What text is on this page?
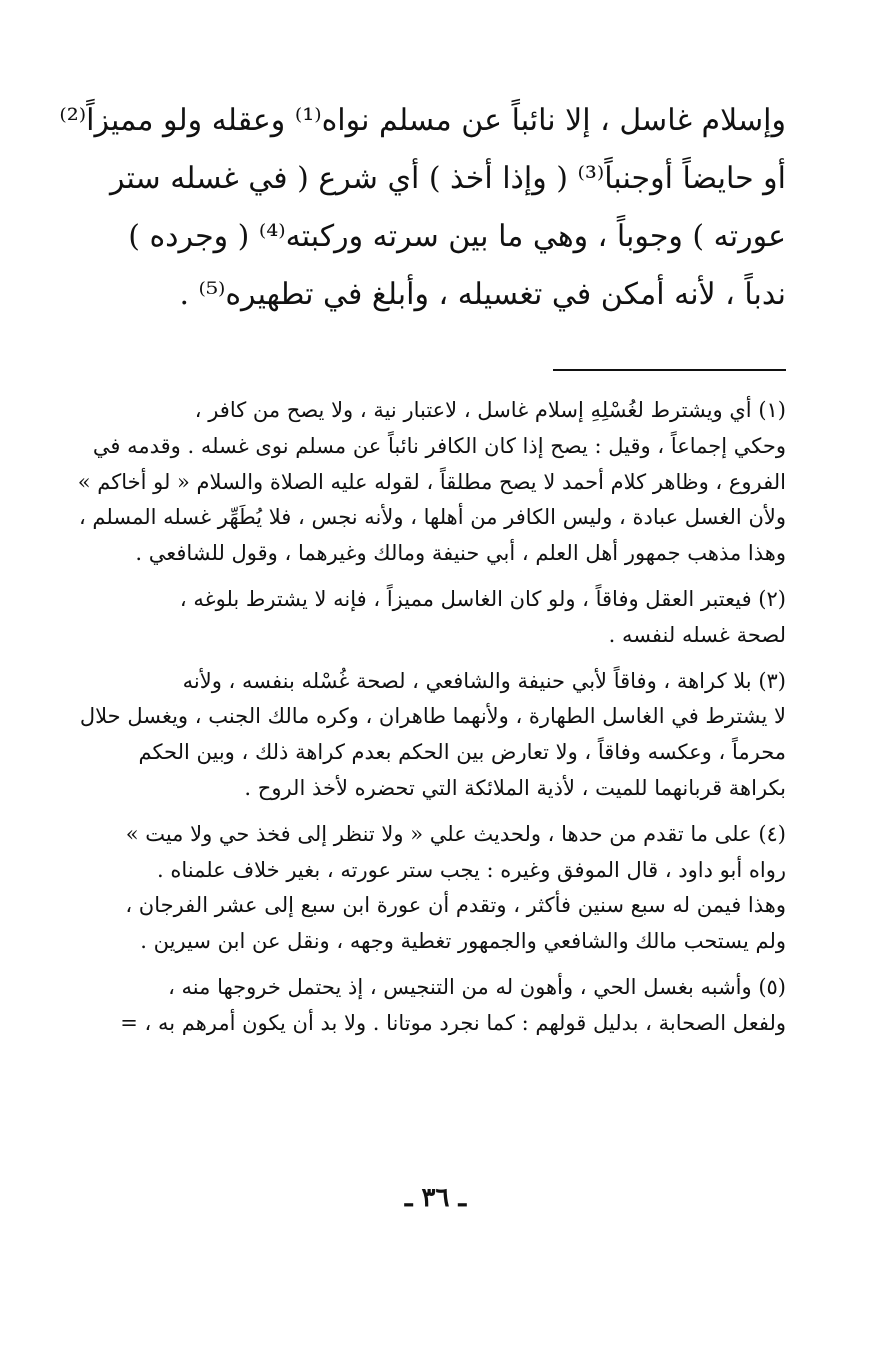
وإسلام غاسل ، إلا نائباً عن مسلم نواه⁽¹⁾ وعقله ولو مميزاً⁽²⁾
أو حايضاً أوجنباً⁽³⁾ ( وإذا أخذ ) أي شرع ( في غسله ستر
عورته ) وجوباً ، وهي ما بين سرته وركبته⁽⁴⁾ ( وجرده )
ندباً ، لأنه أمكن في تغسيله ، وأبلغ في تطهيره⁽⁵⁾ .
(١) أي ويشترط لغُسْلِهِ إسلام غاسل ، لاعتبار نية ، ولا يصح من كافر ،
وحكي إجماعاً ، وقيل : يصح إذا كان الكافر نائباً عن مسلم نوى غسله . وقدمه في
الفروع ، وظاهر كلام أحمد لا يصح مطلقاً ، لقوله عليه الصلاة والسلام « لو أخاكم »
ولأن الغسل عبادة ، وليس الكافر من أهلها ، ولأنه نجس ، فلا يُطَهِّر غسله المسلم ،
وهذا مذهب جمهور أهل العلم ، أبي حنيفة ومالك وغيرهما ، وقول للشافعي .
(٢) فيعتبر العقل وفاقاً ، ولو كان الغاسل مميزاً ، فإنه لا يشترط بلوغه ،
لصحة غسله لنفسه .
(٣) بلا كراهة ، وفاقاً لأبي حنيفة والشافعي ، لصحة غُسْله بنفسه ، ولأنه
لا يشترط في الغاسل الطهارة ، ولأنهما طاهران ، وكره مالك الجنب ، ويغسل حلال
محرماً ، وعكسه وفاقاً ، ولا تعارض بين الحكم بعدم كراهة ذلك ، وبين الحكم
بكراهة قربانهما للميت ، لأذية الملائكة التي تحضره لأخذ الروح .
(٤) على ما تقدم من حدها ، ولحديث علي « ولا تنظر إلى فخذ حي ولا ميت »
رواه أبو داود ، قال الموفق وغيره : يجب ستر عورته ، بغير خلاف علمناه .
وهذا فيمن له سبع سنين فأكثر ، وتقدم أن عورة ابن سبع إلى عشر الفرجان ،
ولم يستحب مالك والشافعي والجمهور تغطية وجهه ، ونقل عن ابن سيرين .
(٥) وأشبه بغسل الحي ، وأهون له من التنجيس ، إذ يحتمل خروجها منه ،
ولفعل الصحابة ، بدليل قولهم : كما نجرد موتانا . ولا بد أن يكون أمرهم به ، =
ـ ٣٦ ـ
